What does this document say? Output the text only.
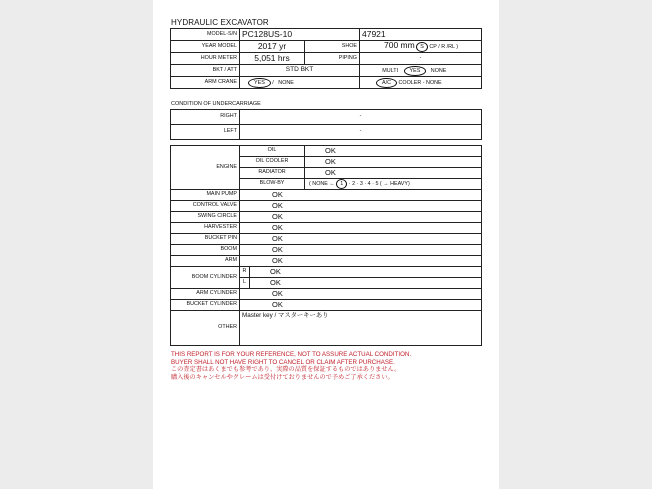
HYDRAULIC EXCAVATOR
MODEL-S/N	PC128US-10		47921
YEAR MODEL	2017 yr	SHOE	700 mm S CP / R /RL )
HOUR METER	5,051 hrs	PIPING	-
BKT / ATT	STD BKT		MULTI YES NONE
ARM CRANE	YES / NONE		A/C COOLER - NONE
CONDITION OF UNDERCARRIAGE
RIGHT	-
LEFT	-
ENGINE	OIL		OK
	OIL COOLER		OK
	RADIATOR		OK
	BLOW-BY		( NONE ← 1 · 2 · 3 · 4 · 5 ( → HEAVY)
MAIN PUMP	OK		
CONTROL VALVE	OK		
SWING CIRCLE	OK		
HARVESTER	OK		
BUCKET PIN	OK		
BOOM	OK		
ARM	OK		
BOOM CYLINDER	R	OK	
	L	OK	
ARM CYLINDER	OK		
BUCKET CYLINDER	OK		
OTHER	Master key / マスターキーあり		
THIS REPORT IS FOR YOUR REFERENCE, NOT TO ASSURE ACTUAL CONDITION.
BUYER SHALL NOT HAVE RIGHT TO CANCEL OR CLAIM AFTER PURCHASE.
この査定書はあくまでも参考であり、実際の品質を保証するものではありません。
購入後のキャンセルやクレームは受付けておりませんので予めご了承ください。
